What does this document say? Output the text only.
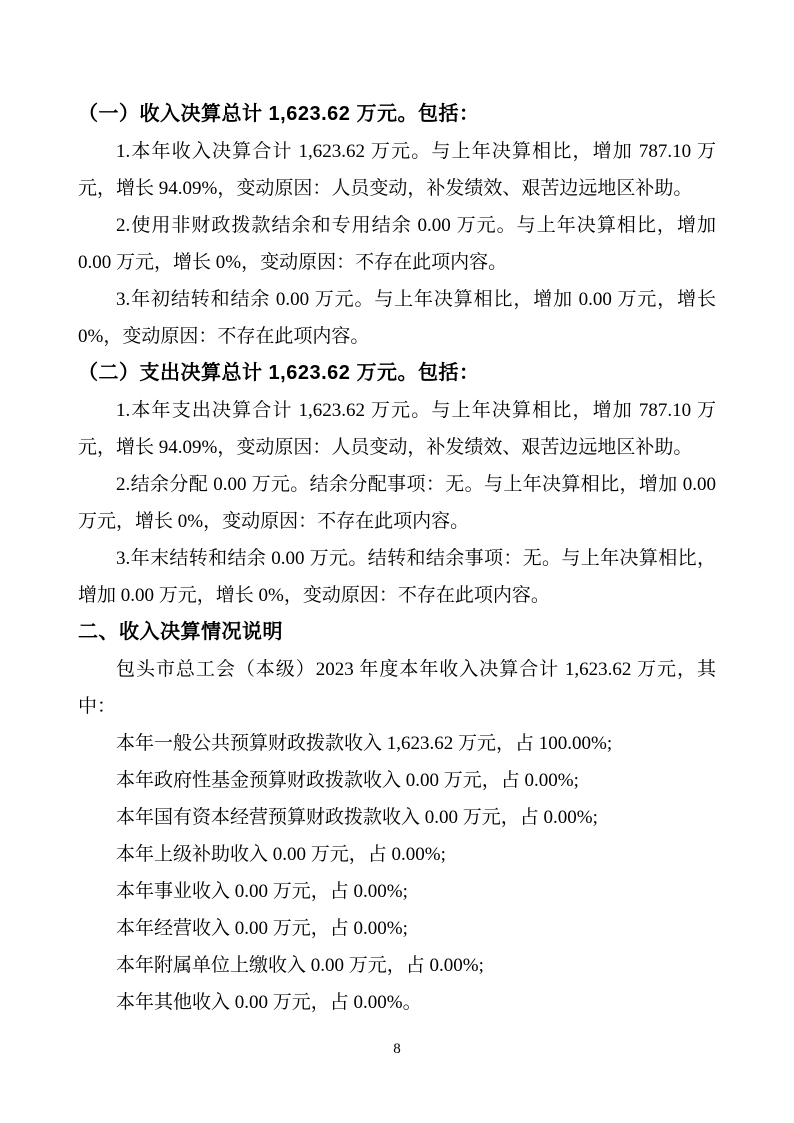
（一）收入决算总计 1,623.62 万元。包括：

1.本年收入决算合计 1,623.62 万元。与上年决算相比，增加 787.10 万元，增长 94.09%，变动原因：人员变动，补发绩效、艰苦边远地区补助。

2.使用非财政拨款结余和专用结余 0.00 万元。与上年决算相比，增加 0.00 万元，增长 0%，变动原因：不存在此项内容。

3.年初结转和结余 0.00 万元。与上年决算相比，增加 0.00 万元，增长 0%，变动原因：不存在此项内容。

（二）支出决算总计 1,623.62 万元。包括：

1.本年支出决算合计 1,623.62 万元。与上年决算相比，增加 787.10 万元，增长 94.09%，变动原因：人员变动，补发绩效、艰苦边远地区补助。

2.结余分配 0.00 万元。结余分配事项：无。与上年决算相比，增加 0.00 万元，增长 0%，变动原因：不存在此项内容。

3.年末结转和结余 0.00 万元。结转和结余事项：无。与上年决算相比，增加 0.00 万元，增长 0%，变动原因：不存在此项内容。

二、收入决算情况说明

包头市总工会（本级）2023 年度本年收入决算合计 1,623.62 万元，其中：

本年一般公共预算财政拨款收入 1,623.62 万元，占 100.00%;

本年政府性基金预算财政拨款收入 0.00 万元，占 0.00%;

本年国有资本经营预算财政拨款收入 0.00 万元，占 0.00%;

本年上级补助收入 0.00 万元，占 0.00%;

本年事业收入 0.00 万元，占 0.00%;

本年经营收入 0.00 万元，占 0.00%;

本年附属单位上缴收入 0.00 万元，占 0.00%;

本年其他收入 0.00 万元，占 0.00%。

8
